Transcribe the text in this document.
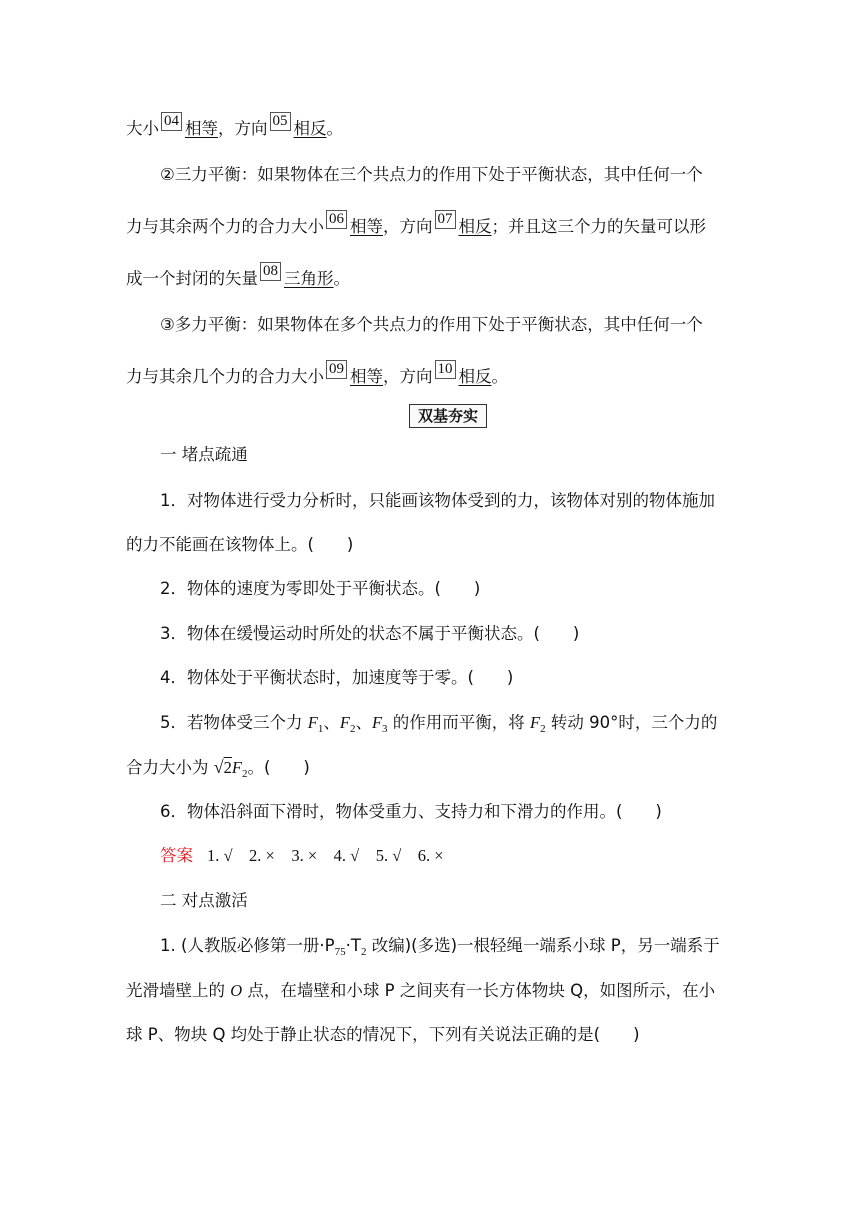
大小 04 相等，方向 05 相反。
②三力平衡：如果物体在三个共点力的作用下处于平衡状态，其中任何一个
力与其余两个力的合力大小 06 相等，方向 07 相反；并且这三个力的矢量可以形
成一个封闭的矢量 08 三角形。
③多力平衡：如果物体在多个共点力的作用下处于平衡状态，其中任何一个
力与其余几个力的合力大小 09 相等，方向 10 相反。
双基夯实
一 堵点疏通
1．对物体进行受力分析时，只能画该物体受到的力，该物体对别的物体施加
的力不能画在该物体上。(　　)
2．物体的速度为零即处于平衡状态。(　　)
3．物体在缓慢运动时所处的状态不属于平衡状态。(　　)
4．物体处于平衡状态时，加速度等于零。(　　)
5．若物体受三个力 $F_1$、$F_2$、$F_3$ 的作用而平衡，将 $F_2$ 转动 90°时，三个力的
合力大小为 $√2F_2$。(　　)
6．物体沿斜面下滑时，物体受重力、支持力和下滑力的作用。(　　)
答案 1. √　2. ×　3. ×　4. √　5. √　6. ×
二 对点激活
1. (人教版必修第一册$\cdot P_{75}\cdot T_2$ 改编)(多选)一根轻绳一端系小球 P，另一端系于
光滑墙壁上的 O 点，在墙壁和小球 P 之间夹有一长方体物块 Q，如图所示，在小
球 P、物块 Q 均处于静止状态的情况下，下列有关说法正确的是(　　)
